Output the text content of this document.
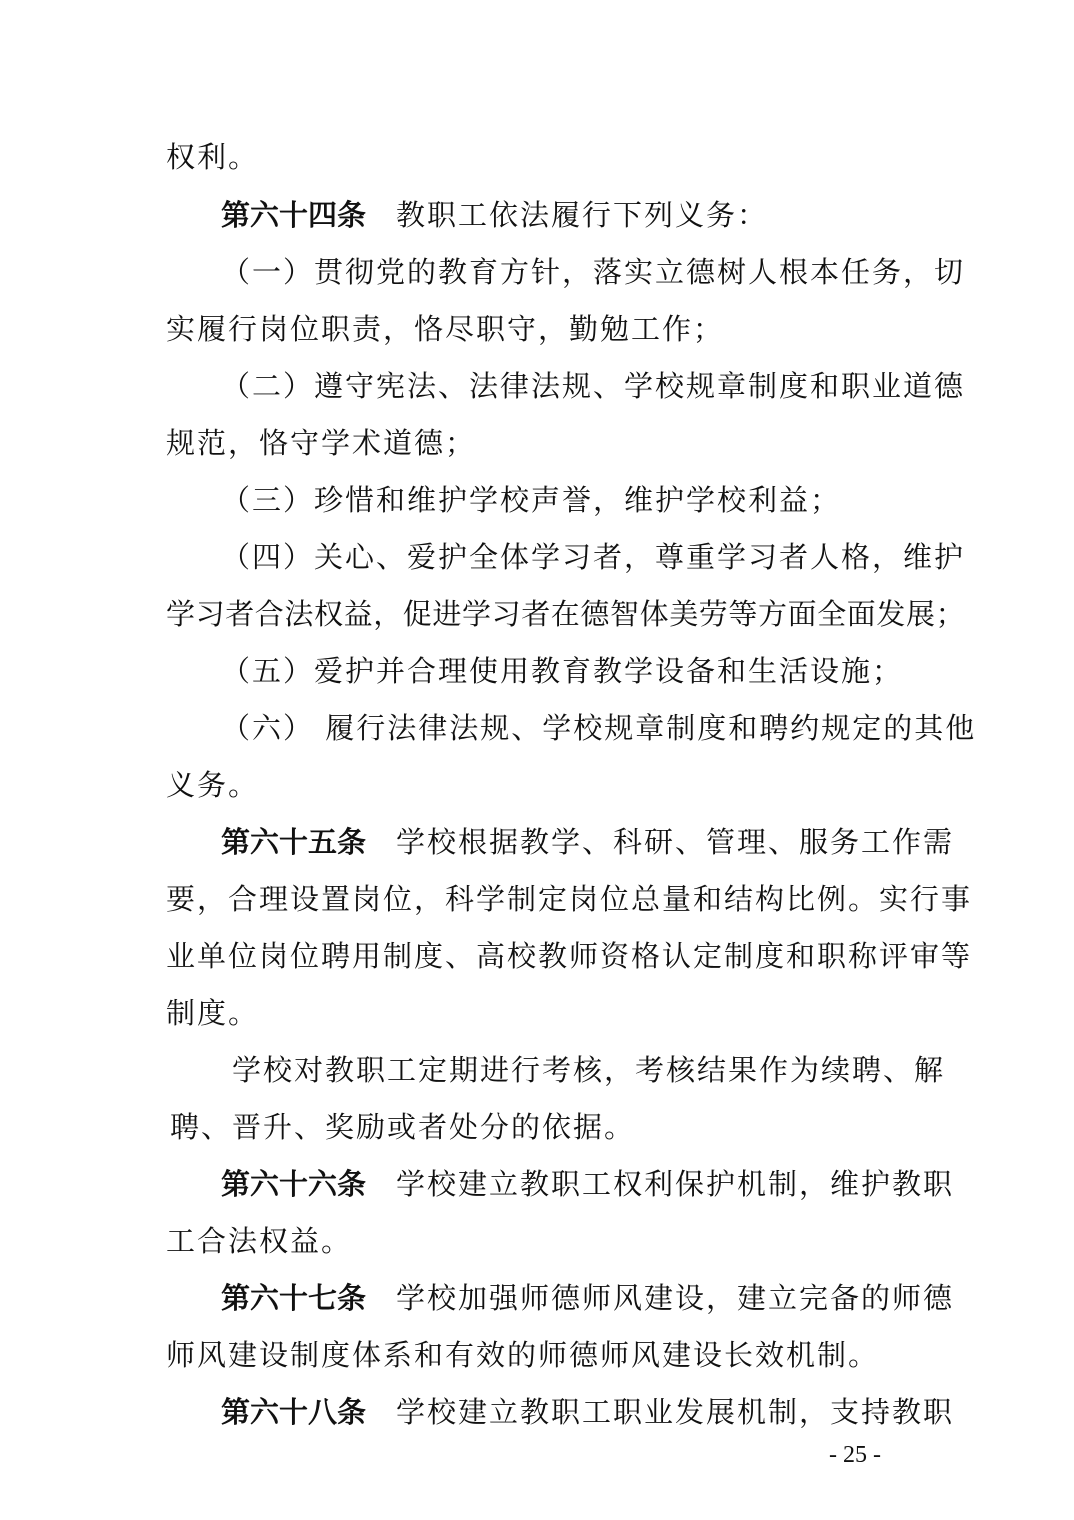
权利。
第六十四条 教职工依法履行下列义务：
（一）贯彻党的教育方针，落实立德树人根本任务，切
实履行岗位职责，恪尽职守，勤勉工作；
（二）遵守宪法、法律法规、学校规章制度和职业道德
规范，恪守学术道德；
（三）珍惜和维护学校声誉，维护学校利益；
（四）关心、爱护全体学习者，尊重学习者人格，维护
学习者合法权益，促进学习者在德智体美劳等方面全面发展；
（五）爱护并合理使用教育教学设备和生活设施；
（六） 履行法律法规、学校规章制度和聘约规定的其他
义务。
第六十五条 学校根据教学、科研、管理、服务工作需
要，合理设置岗位，科学制定岗位总量和结构比例。实行事
业单位岗位聘用制度、高校教师资格认定制度和职称评审等
制度。
学校对教职工定期进行考核，考核结果作为续聘、解
聘、晋升、奖励或者处分的依据。
第六十六条 学校建立教职工权利保护机制，维护教职
工合法权益。
第六十七条 学校加强师德师风建设，建立完备的师德
师风建设制度体系和有效的师德师风建设长效机制。
第六十八条 学校建立教职工职业发展机制，支持教职
- 25 -
